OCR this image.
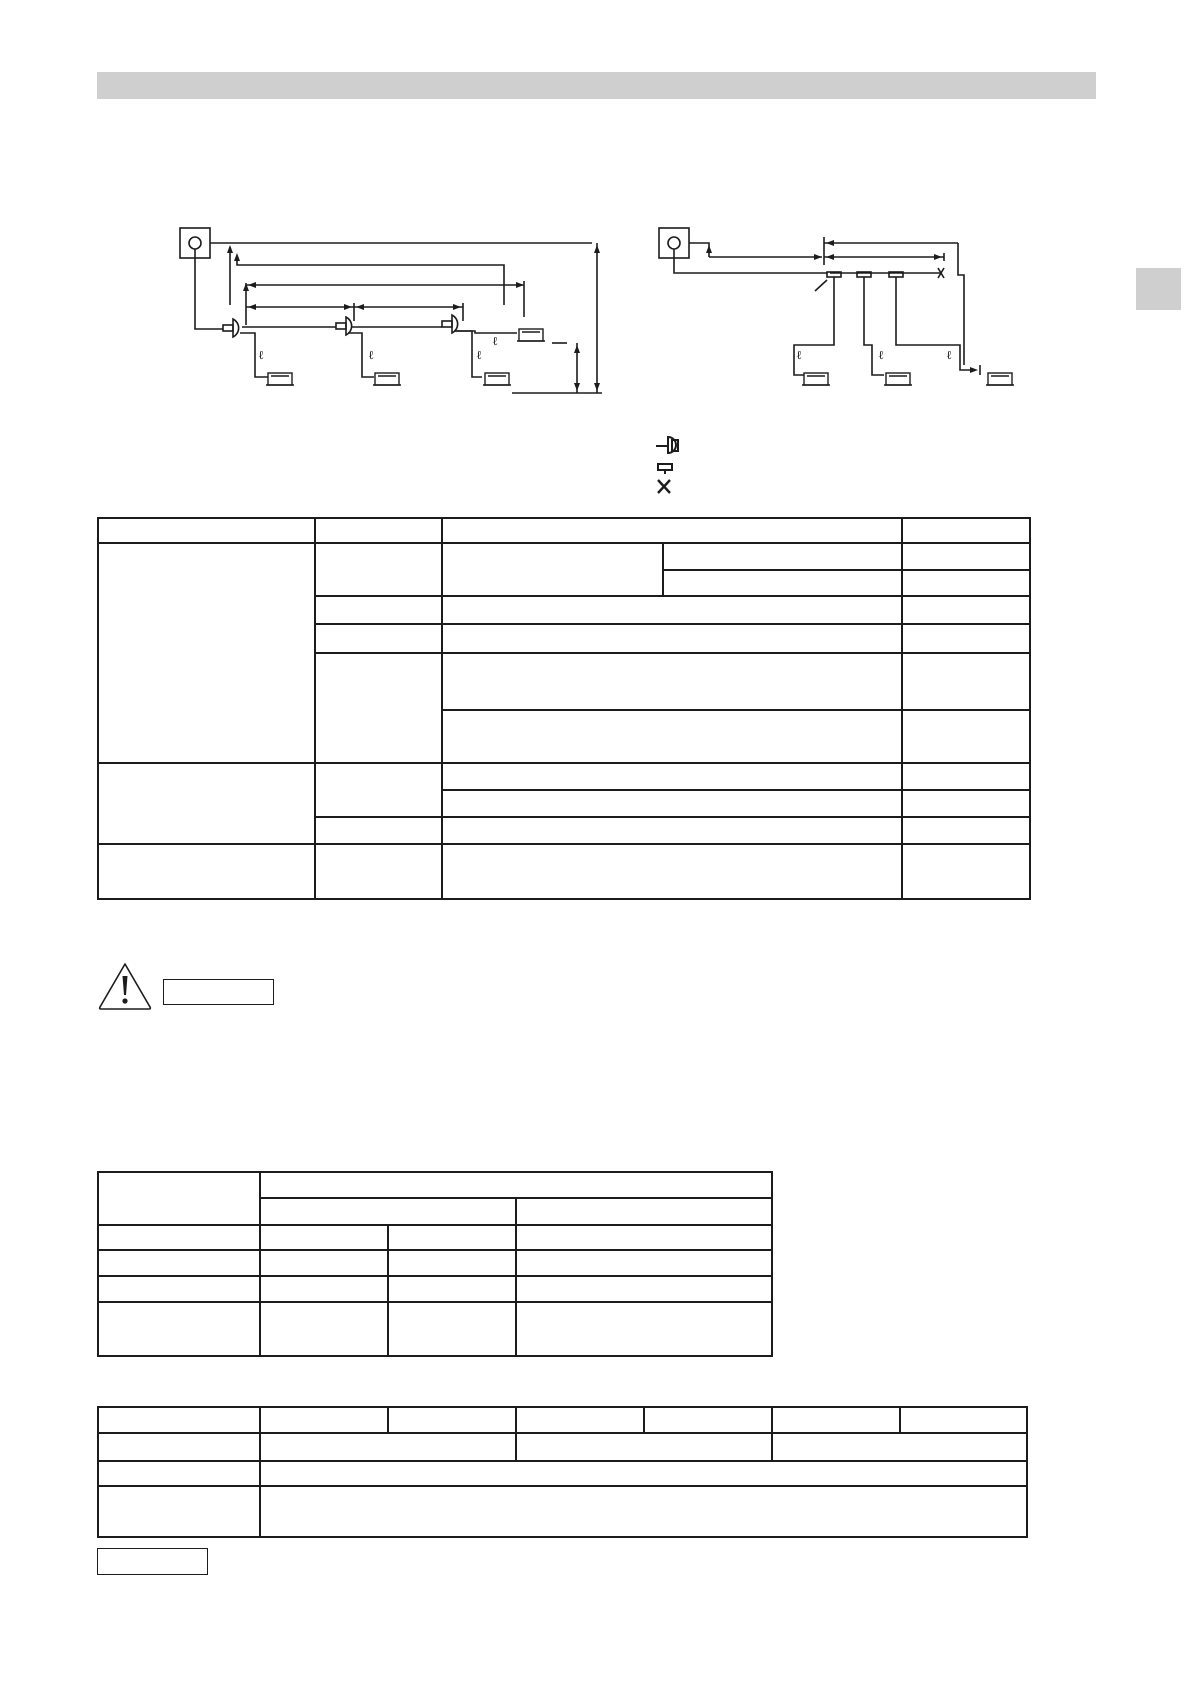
ℓ	ℓ	ℓ
ℓ
ℓ	ℓ	ℓ
